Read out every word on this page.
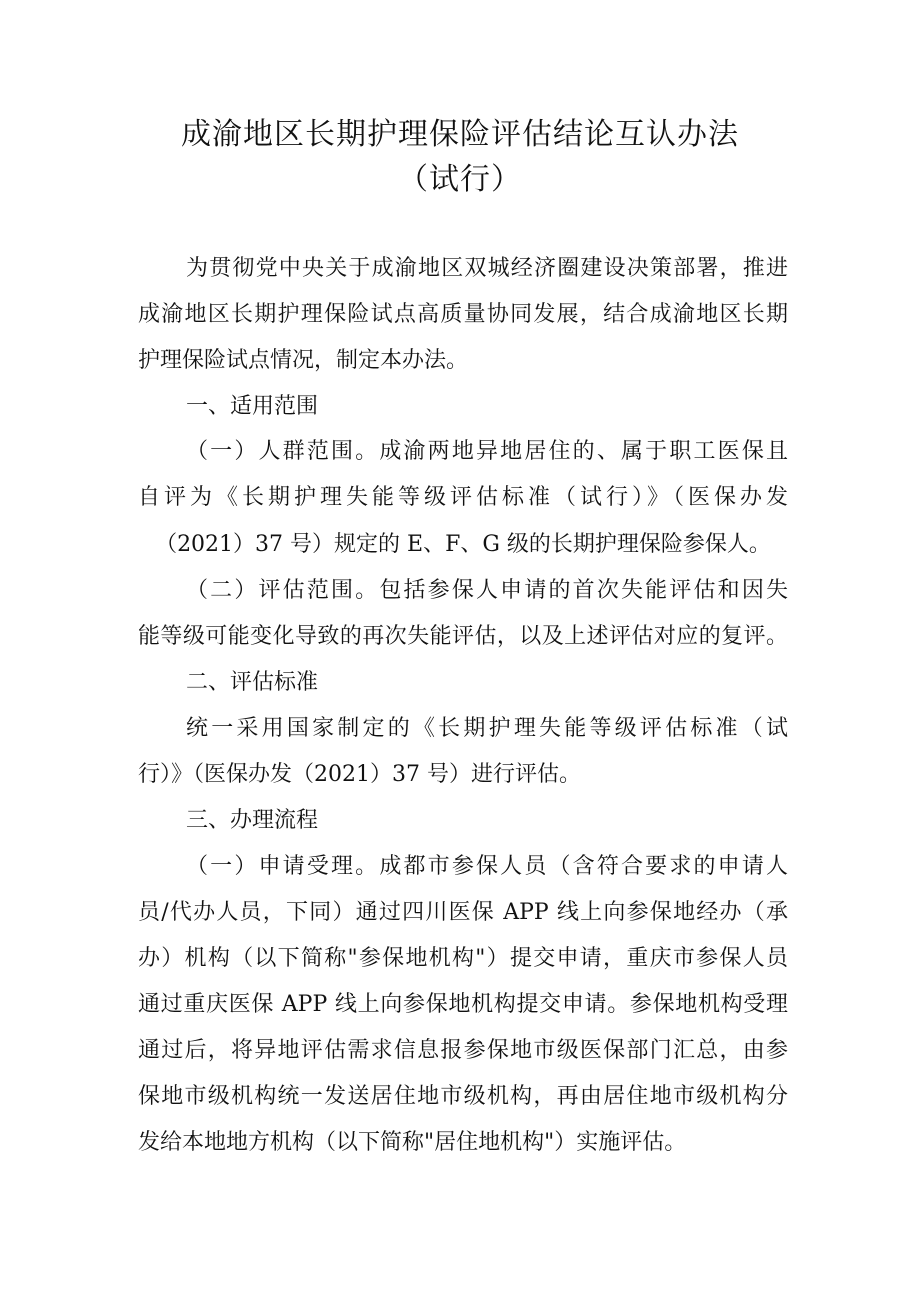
成渝地区长期护理保险评估结论互认办法
（试行）
为贯彻党中央关于成渝地区双城经济圈建设决策部署，推进
成渝地区长期护理保险试点高质量协同发展，结合成渝地区长期
护理保险试点情况，制定本办法。
一、适用范围
（一）人群范围。成渝两地异地居住的、属于职工医保且
自评为《长期护理失能等级评估标准（试行）》（医保办发
（2021）37 号）规定的 E、F、G 级的长期护理保险参保人。
（二）评估范围。包括参保人申请的首次失能评估和因失
能等级可能变化导致的再次失能评估，以及上述评估对应的复评。
二、评估标准
统一采用国家制定的《长期护理失能等级评估标准（试
行）》（医保办发（2021）37 号）进行评估。
三、办理流程
（一）申请受理。成都市参保人员（含符合要求的申请人
员/代办人员，下同）通过四川医保 APP 线上向参保地经办（承
办）机构（以下简称"参保地机构"）提交申请，重庆市参保人员
通过重庆医保 APP 线上向参保地机构提交申请。参保地机构受理
通过后，将异地评估需求信息报参保地市级医保部门汇总，由参
保地市级机构统一发送居住地市级机构，再由居住地市级机构分
发给本地地方机构（以下简称"居住地机构"）实施评估。
